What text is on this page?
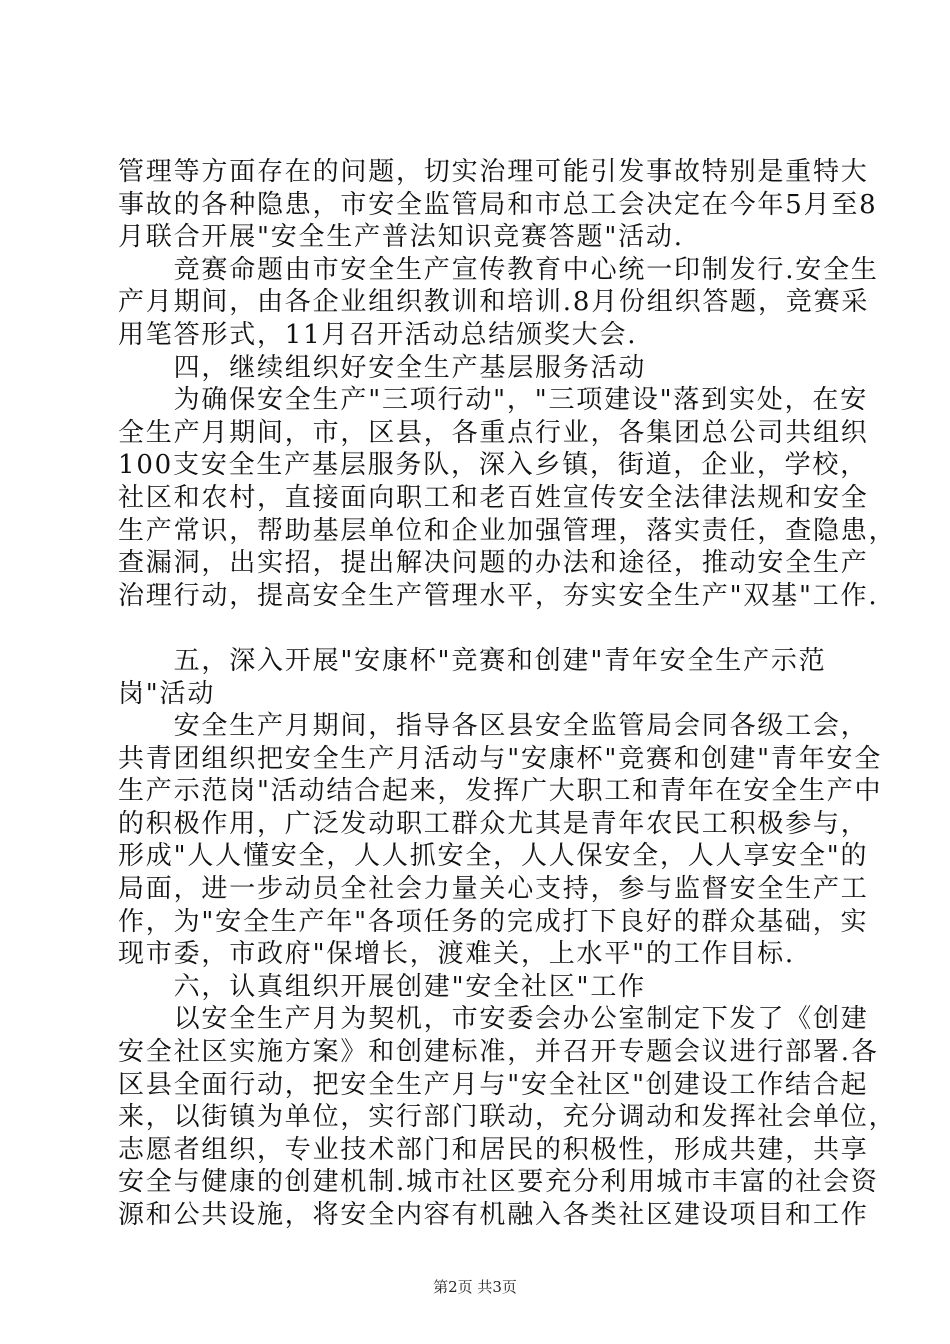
管理等方面存在的问题，切实治理可能引发事故特别是重特大
事故的各种隐患，市安全监管局和市总工会决定在今年5月至8
月联合开展"安全生产普法知识竞赛答题"活动.
　　竞赛命题由市安全生产宣传教育中心统一印制发行.安全生
产月期间，由各企业组织教训和培训.8月份组织答题，竞赛采
用笔答形式，11月召开活动总结颁奖大会.
　　四，继续组织好安全生产基层服务活动
　　为确保安全生产"三项行动"，"三项建设"落到实处，在安
全生产月期间，市，区县，各重点行业，各集团总公司共组织
100支安全生产基层服务队，深入乡镇，街道，企业，学校，
社区和农村，直接面向职工和老百姓宣传安全法律法规和安全
生产常识，帮助基层单位和企业加强管理，落实责任，查隐患，
查漏洞，出实招，提出解决问题的办法和途径，推动安全生产
治理行动，提高安全生产管理水平，夯实安全生产"双基"工作.
　　五，深入开展"安康杯"竞赛和创建"青年安全生产示范
岗"活动
　　安全生产月期间，指导各区县安全监管局会同各级工会，
共青团组织把安全生产月活动与"安康杯"竞赛和创建"青年安全
生产示范岗"活动结合起来，发挥广大职工和青年在安全生产中
的积极作用，广泛发动职工群众尤其是青年农民工积极参与，
形成"人人懂安全，人人抓安全，人人保安全，人人享安全"的
局面，进一步动员全社会力量关心支持，参与监督安全生产工
作，为"安全生产年"各项任务的完成打下良好的群众基础，实
现市委，市政府"保增长，渡难关，上水平"的工作目标.
　　六，认真组织开展创建"安全社区"工作
　　以安全生产月为契机，市安委会办公室制定下发了《创建
安全社区实施方案》和创建标准，并召开专题会议进行部署.各
区县全面行动，把安全生产月与"安全社区"创建设工作结合起
来，以街镇为单位，实行部门联动，充分调动和发挥社会单位，
志愿者组织，专业技术部门和居民的积极性，形成共建，共享
安全与健康的创建机制.城市社区要充分利用城市丰富的社会资
源和公共设施，将安全内容有机融入各类社区建设项目和工作
第2页 共3页
